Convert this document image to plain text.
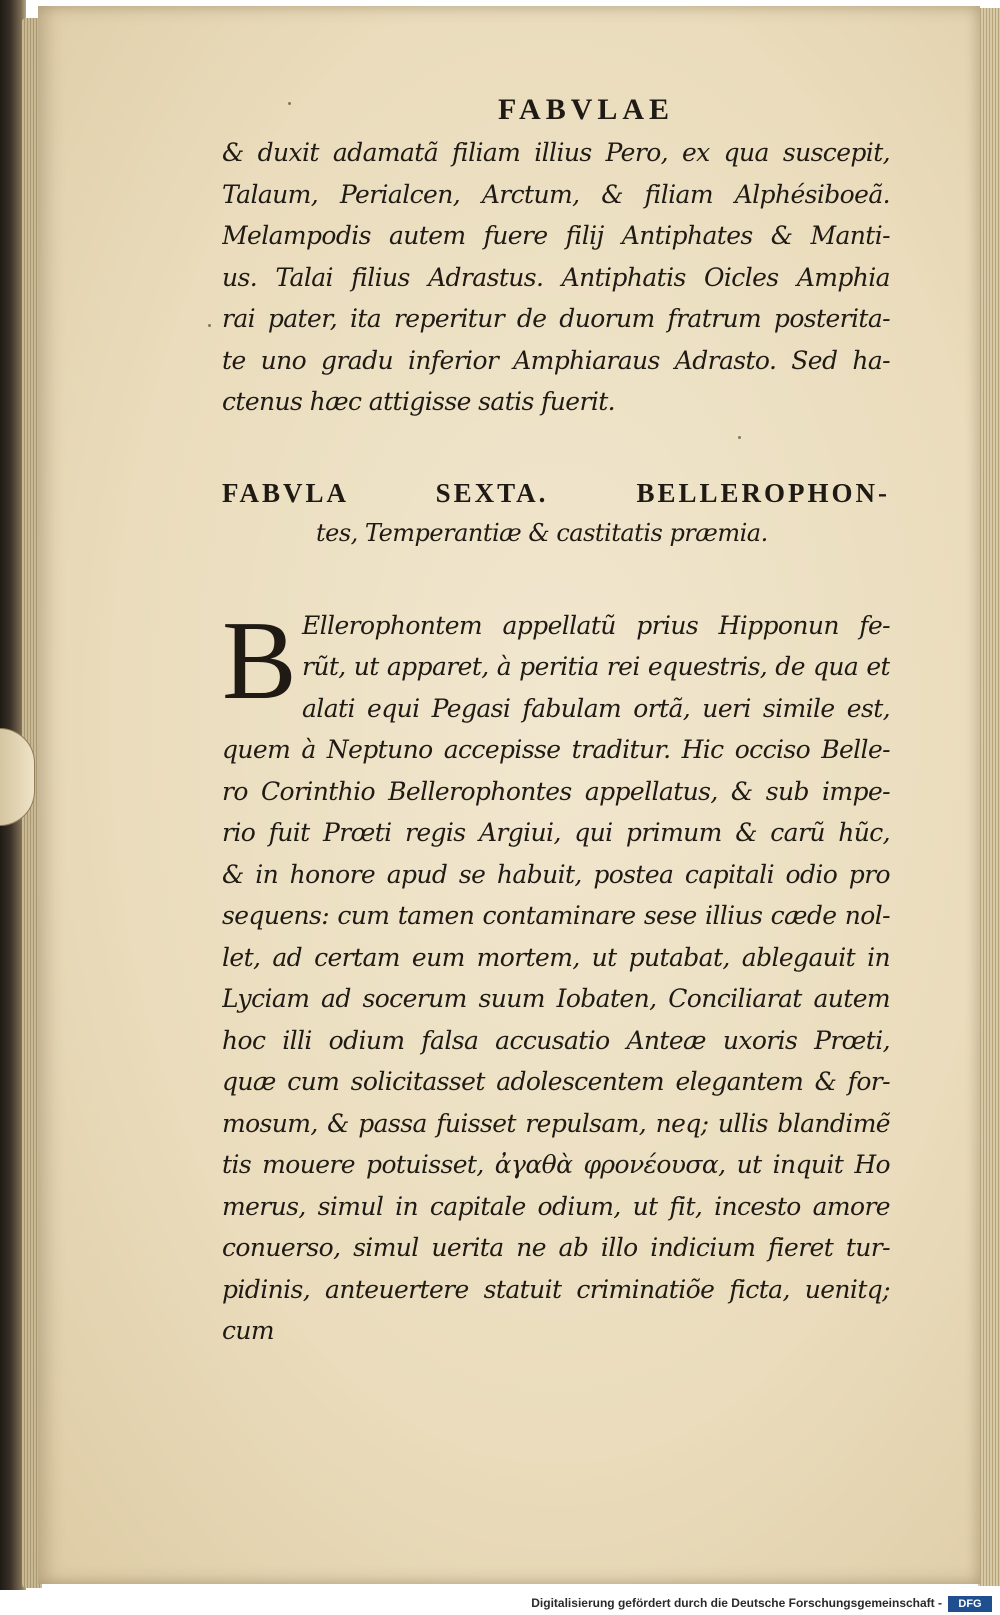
FABVLAE
& duxit adamatã filiam illius Pero, ex qua suscepit,
Talaum, Perialcen, Arctum, & filiam Alphésiboeã.
Melampodis autem fuere filij Antiphates & Manti-
us. Talai filius Adrastus. Antiphatis Oicles Amphia
rai pater, ita reperitur de duorum fratrum posterita-
te uno gradu inferior Amphiaraus Adrasto. Sed ha-
ctenus hæc attigisse satis fuerit.
FABVLA SEXTA. BELLEROPHON-
tes, Temperantiæ & castitatis præmia.
B Ellerophontem appellatũ prius Hipponun fe-
rũt, ut apparet, à peritia rei equestris, de qua et
alati equi Pegasi fabulam ortã, ueri simile est,
quem à Neptuno accepisse traditur. Hic occiso Belle-
ro Corinthio Bellerophontes appellatus, & sub impe-
rio fuit Prœti regis Argiui, qui primum & carũ hũc,
& in honore apud se habuit, postea capitali odio pro
sequens: cum tamen contaminare sese illius cæde nol-
let, ad certam eum mortem, ut putabat, ablegauit in
Lyciam ad socerum suum Iobaten, Conciliarat autem
hoc illi odium falsa accusatio Anteæ uxoris Prœti,
quæ cum solicitasset adolescentem elegantem & for-
mosum, & passa fuisset repulsam, neq; ullis blandimẽ
tis mouere potuisset, ἀγαθὰ φρονέουσα, ut inquit Ho
merus, simul in capitale odium, ut fit, incesto amore
conuerso, simul uerita ne ab illo indicium fieret tur-
pidinis, anteuertere statuit criminatiõe ficta, uenitq;
cum
Digitalisierung gefördert durch die Deutsche Forschungsgemeinschaft -	DFG
